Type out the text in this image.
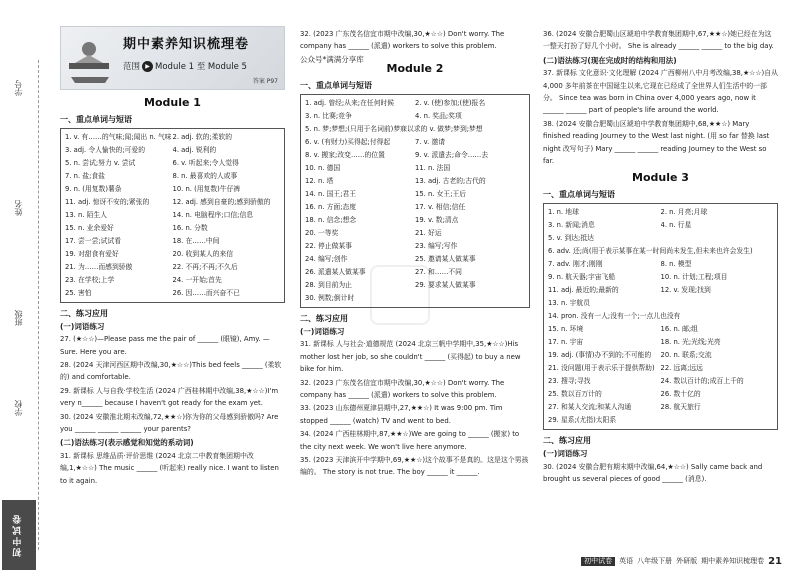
学号
姓名
班级
学校
初中试卷
期中素养知识梳理卷
范围 ▶ Module 1 至 Module 5
答案 P97
Module 1
一、重点单词与短语
1. v. 有……的气味;闻;闻出 n. 气味 2. adj. 软的;柔软的
3. adj. 令人愉快的;可爱的	4. adj. 锐利的
5. n. 尝试;努力 v. 尝试	6. v. 听起来;令人觉得
7. n. 盐;食盐	8. n. 最喜欢的人或事
9. n. (用复数)薯条	10. n. (用复数)牛仔裤
11. adj. 惊讶不安的;紧张的	12. adj. 感到自豪的;感到骄傲的
13. n. 陌生人	14. n. 电脑程序;口信;信息
15. n. 业余爱好	16. n. 分数
17. 尝一尝;试试看	18. 在……中间
19. 对甜食有爱好	20. 收到某人的来信
21. 为……而感到骄傲	22. 不再;不再;不久后
23. 在学校;上学	24. 一开始;首先
25. 害怕	26. 因……而兴奋不已
二、练习应用
(一)词语练习
27. (★☆☆)—Please pass me the pair of ______ (眼镜), Amy. —Sure. Here you are.
28. (2024 天津河西区期中改编,30,★☆☆)This bed feels ______ (柔软的) and comfortable.
29. 新课标 人与自我·学校生活 (2024 广西桂林期中改编,38,★☆☆)I'm very n______ because I haven't got ready for the exam yet.
30. (2024 安徽淮北期末改编,72,★★☆)你为你的父母感到骄傲吗? Are you ______ ______ ______ your parents?
(二)语法练习(表示感觉和知觉的系动词)
31. 新课标 思维品质·评价思维 (2024 北京二中教育集团期中改编,1,★☆☆) The music ______ (听起来) really nice. I want to listen to it again.
32. (2023 广东茂名信宜市期中改编,30,★☆☆) Don't worry. The company has ______ (派遣) workers to solve this problem.
公众号*满满分享库
Module 2
一、重点单词与短语
1. adj. 曾经;从来;在任何时候	2. v. (使)参加;(使)报名
3. n. 比赛;竞争	4. n. 奖品;奖项
5. n. 梦;梦想;(只用于名词前)梦寐以求的 v. 做梦;梦到;梦想
6. v. (有财力)买得起;付得起	7. v. 邀请
8. v. 搬家;改变……的位置	9. v. 派遣去;命令……去
10. n. 德国	11. n. 法国
12. n. 塔	13. adj. 古老的;古代的
14. n. 国王;君王	15. n. 女王;王后
16. n. 方面;态度	17. v. 相信;信任
18. n. 信念;想念	19. v. 数;清点
20. 一等奖	21. 好运
22. 停止做某事	23. 编写;写作
24. 编写;创作	25. 邀请某人做某事
26. 派遣某人做某事	27. 和……不同
28. 到目前为止	29. 要求某人做某事
30. 例数;倒计时
二、练习应用
(一)词语练习
31. 新课标 人与社会·道德规范 (2024 北京三帆中学期中,35,★☆☆)His mother lost her job, so she couldn't ______ (买得起) to buy a new bike for him.
32. (2023 广东茂名信宜市期中改编,30,★☆☆) Don't worry. The company has ______ (派遣) workers to solve this problem.
33. (2023 山东德州夏津县期中,27,★★☆) It was 9:00 pm. Tim stopped ______ (watch) TV and went to bed.
34. (2024 广西桂林期中,87,★★☆)We are going to ______ (搬家) to the city next week. We won't live here anymore.
35. (2023 天津滨开中学期中,69,★★☆)这个故事不是真的。这是这个男孩编的。 The story is not true. The boy ______ it ______.
36. (2024 安徽合肥蜀山区琥珀中学教育集团期中,67,★★☆)她已经在为这一整天打扮了好几个小时。 She is already ______ ______ to the big day.
(二)语法练习(现在完成时的结构和用法)
37. 新课标 文化意识·文化理解 (2024 广西柳州八中月考改编,38,★☆☆)自从 4,000 多年前茶在中国诞生以来,它现在已经成了全世界人们生活中的一部分。 Since tea was born in China over 4,000 years ago, now it ______ ______ part of people's life around the world.
38. (2024 安徽合肥蜀山区琥珀中学教育集团期中,68,★★☆) Mary finished reading Journey to the West last night. (用 so far 替换 last night 改写句子) Mary ______ ______ reading Journey to the West so far.
Module 3
一、重点单词与短语
1. n. 地球	2. n. 月亮;月球
3. n. 新闻;消息	4. n. 行星
5. v. 到达;抵达
6. adv. 还;尚(用于表示某事在某一时间尚未发生,但未来也许会发生)
7. adv. 刚才;刚刚	8. n. 模型
9. n. 航天器;宇宙飞船	10. n. 计划;工程;项目
11. adj. 最近的;最新的	12. v. 发现;找到
13. n. 宇航员
14. pron. 没有一人;没有一个;一点儿也没有
15. n. 环境	16. n. 邮;组
17. n. 宇宙	18. n. 光;光线;光亮
19. adj. (事情)办不到的;不可能的	20. n. 联系;交流
21. 没问题(用于表示乐于提供帮助) 22. 远离;远远
23. 搜寻;寻找	24. 数以百计的;成百上千的
25. 数以百万计的	26. 数十亿的
27. 和某人交流;和某人沟通	28. 航天旅行
29. 星系;(尤指)太阳系
二、练习应用
(一)词语练习
30. (2024 安徽合肥有期末期中改编,64,★☆☆) Sally came back and brought us several pieces of good ______ (消息).
初中试卷	英语 八年级下册 外研版 期中素养知识梳理卷 21
